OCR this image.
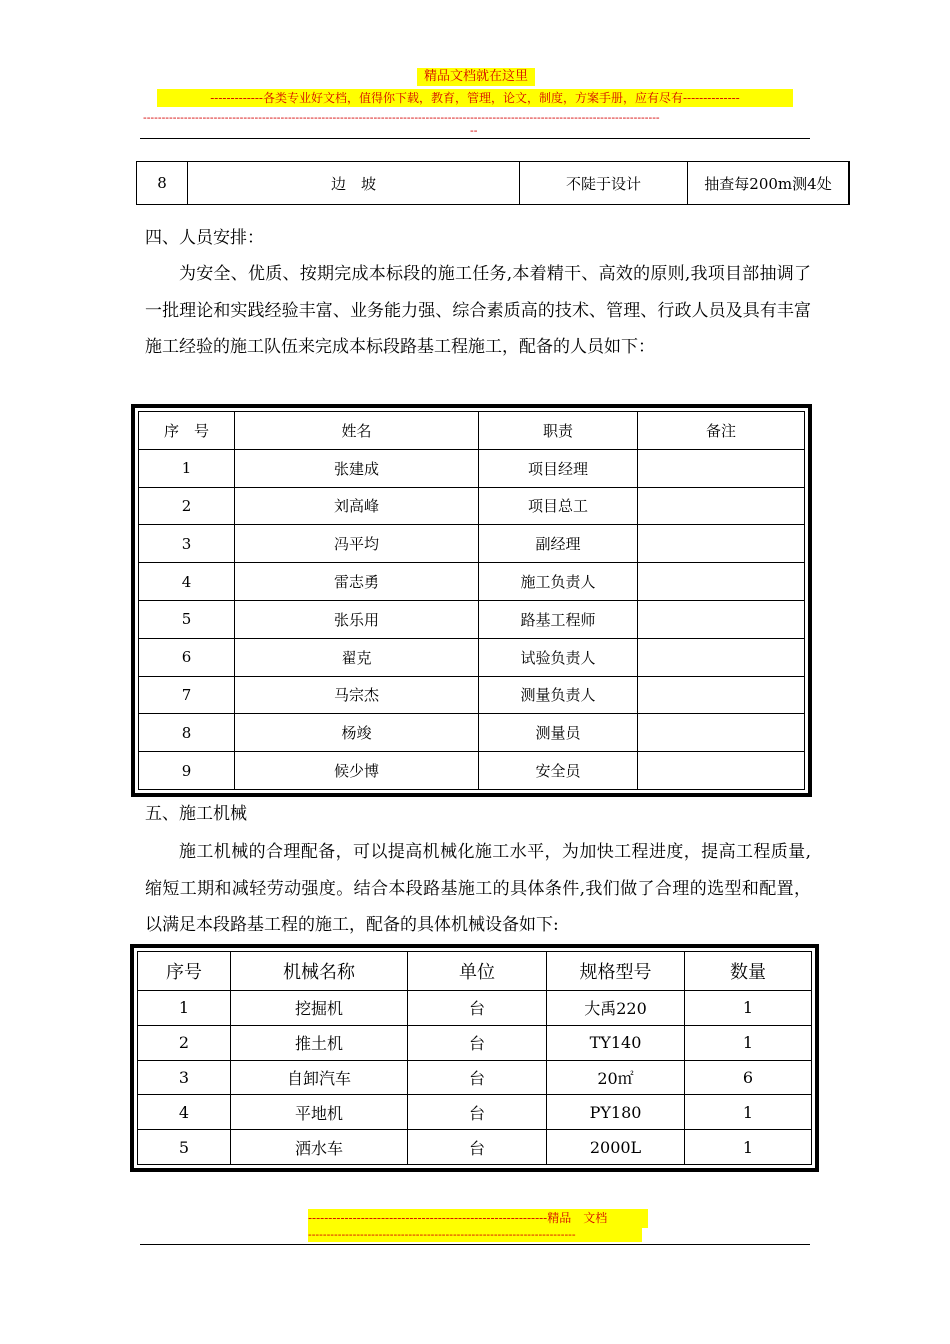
精品文档就在这里
-------------各类专业好文档，值得你下载，教育，管理，论文，制度，方案手册，应有尽有--------------
-------------------------------------------------------------------------------------------------------------------------------------------
--
8	边　坡	不陡于设计	抽查每200m测4处
四、人员安排：
为安全、优质、按期完成本标段的施工任务,本着精干、高效的原则,我项目部抽调了一批理论和实践经验丰富、业务能力强、综合素质高的技术、管理、行政人员及具有丰富施工经验的施工队伍来完成本标段路基工程施工，配备的人员如下：
序　号	姓名	职责	备注
1	张建成	项目经理	
2	刘高峰	项目总工	
3	冯平均	副经理	
4	雷志勇	施工负责人	
5	张乐用	路基工程师	
6	翟克	试验负责人	
7	马宗杰	测量负责人	
8	杨竣	测量员	
9	候少博	安全员	
五、施工机械
施工机械的合理配备，可以提高机械化施工水平，为加快工程进度，提高工程质量,缩短工期和减轻劳动强度。结合本段路基施工的具体条件,我们做了合理的选型和配置，以满足本段路基工程的施工，配备的具体机械设备如下:
序号	机械名称	单位	规格型号	数量
1	挖掘机	台	大禹220	1
2	推土机	台	TY140	1
3	自卸汽车	台	20㎡	6
4	平地机	台	PY180	1
5	洒水车	台	2000L	1
-----------------------------------------------------------精品　文档
------------------------------------------------------------------------
